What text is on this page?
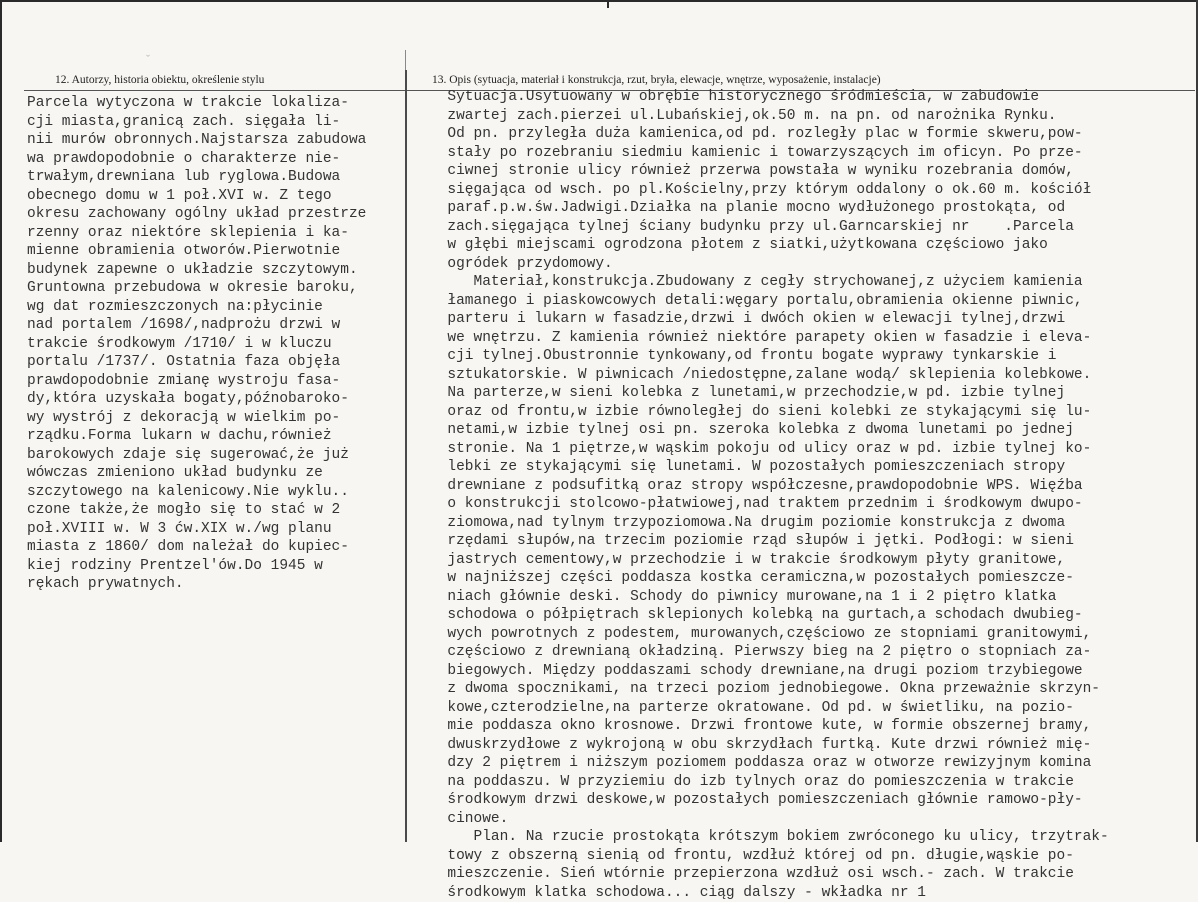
ˇ
12. Autorzy, historia obiektu, określenie stylu	13. Opis (sytuacja, materiał i konstrukcja, rzut, bryła, elewacje, wnętrze, wyposażenie, instalacje)
Parcela wytyczona w trakcie lokaliza-
cji miasta,granicą zach. sięgała li-
nii murów obronnych.Najstarsza zabudowa
wa prawdopodobnie o charakterze nie-
trwałym,drewniana lub ryglowa.Budowa
obecnego domu w 1 poł.XVI w. Z tego
okresu zachowany ogólny układ przestrze
rzenny oraz niektóre sklepienia i ka-
mienne obramienia otworów.Pierwotnie
budynek zapewne o układzie szczytowym.
Gruntowna przebudowa w okresie baroku,
wg dat rozmieszczonych na:płycinie
nad portalem /1698/,nadprożu drzwi w
trakcie środkowym /1710/ i w kluczu
portalu /1737/. Ostatnia faza objęła
prawdopodobnie zmianę wystroju fasa-
dy,która uzyskała bogaty,późnobaroko-
wy wystrój z dekoracją w wielkim po-
rządku.Forma lukarn w dachu,również
barokowych zdaje się sugerować,że już
wówczas zmieniono układ budynku ze
szczytowego na kalenicowy.Nie wyklu..
czone także,że mogło się to stać w 2
poł.XVIII w. W 3 ćw.XIX w./wg planu
miasta z 1860/ dom należał do kupiec-
kiej rodziny Prentzel'ów.Do 1945 w
rękach prywatnych.
Sytuacja.Usytuowany w obrębie historycznego śródmieścia, w zabudowie
zwartej zach.pierzei ul.Lubańskiej,ok.50 m. na pn. od narożnika Rynku.
Od pn. przyległa duża kamienica,od pd. rozległy plac w formie skweru,pow-
stały po rozebraniu siedmiu kamienic i towarzyszących im oficyn. Po prze-
ciwnej stronie ulicy również przerwa powstała w wyniku rozebrania domów,
sięgająca od wsch. po pl.Kościelny,przy którym oddalony o ok.60 m. kościół
paraf.p.w.św.Jadwigi.Działka na planie mocno wydłużonego prostokąta, od
zach.sięgająca tylnej ściany budynku przy ul.Garncarskiej nr    .Parcela
w głębi miejscami ogrodzona płotem z siatki,użytkowana częściowo jako
ogródek przydomowy.
Materiał,konstrukcja.Zbudowany z cegły strychowanej,z użyciem kamienia
łamanego i piaskowcowych detali:węgary portalu,obramienia okienne piwnic,
parteru i lukarn w fasadzie,drzwi i dwóch okien w elewacji tylnej,drzwi
we wnętrzu. Z kamienia również niektóre parapety okien w fasadzie i eleva-
cji tylnej.Obustronnie tynkowany,od frontu bogate wyprawy tynkarskie i
sztukatorskie. W piwnicach /niedostępne,zalane wodą/ sklepienia kolebkowe.
Na parterze,w sieni kolebka z lunetami,w przechodzie,w pd. izbie tylnej
oraz od frontu,w izbie równoległej do sieni kolebki ze stykającymi się lu-
netami,w izbie tylnej osi pn. szeroka kolebka z dwoma lunetami po jednej
stronie. Na 1 piętrze,w wąskim pokoju od ulicy oraz w pd. izbie tylnej ko-
lebki ze stykającymi się lunetami. W pozostałych pomieszczeniach stropy
drewniane z podsufitką oraz stropy współczesne,prawdopodobnie WPS. Więźba
o konstrukcji stolcowo-płatwiowej,nad traktem przednim i środkowym dwupo-
ziomowa,nad tylnym trzypoziomowa.Na drugim poziomie konstrukcja z dwoma
rzędami słupów,na trzecim poziomie rząd słupów i jętki. Podłogi: w sieni
jastrych cementowy,w przechodzie i w trakcie środkowym płyty granitowe,
w najniższej części poddasza kostka ceramiczna,w pozostałych pomieszcze-
niach głównie deski. Schody do piwnicy murowane,na 1 i 2 piętro klatka
schodowa o półpiętrach sklepionych kolebką na gurtach,a schodach dwubieg-
wych powrotnych z podestem, murowanych,częściowo ze stopniami granitowymi,
częściowo z drewnianą okładziną. Pierwszy bieg na 2 piętro o stopniach za-
biegowych. Między poddaszami schody drewniane,na drugi poziom trzybiegowe
z dwoma spocznikami, na trzeci poziom jednobiegowe. Okna przeważnie skrzyn-
kowe,czterodzielne,na parterze okratowane. Od pd. w świetliku, na pozio-
mie poddasza okno krosnowe. Drzwi frontowe kute, w formie obszernej bramy,
dwuskrzydłowe z wykrojoną w obu skrzydłach furtką. Kute drzwi również mię-
dzy 2 piętrem i niższym poziomem poddasza oraz w otworze rewizyjnym komina
na poddaszu. W przyziemiu do izb tylnych oraz do pomieszczenia w trakcie
środkowym drzwi deskowe,w pozostałych pomieszczeniach głównie ramowo-pły-
cinowe.
Plan. Na rzucie prostokąta krótszym bokiem zwróconego ku ulicy, trzytrak-
towy z obszerną sienią od frontu, wzdłuż której od pn. długie,wąskie po-
mieszczenie. Sień wtórnie przepierzona wzdłuż osi wsch.- zach. W trakcie
środkowym klatka schodowa... ciąg dalszy - wkładka nr 1
